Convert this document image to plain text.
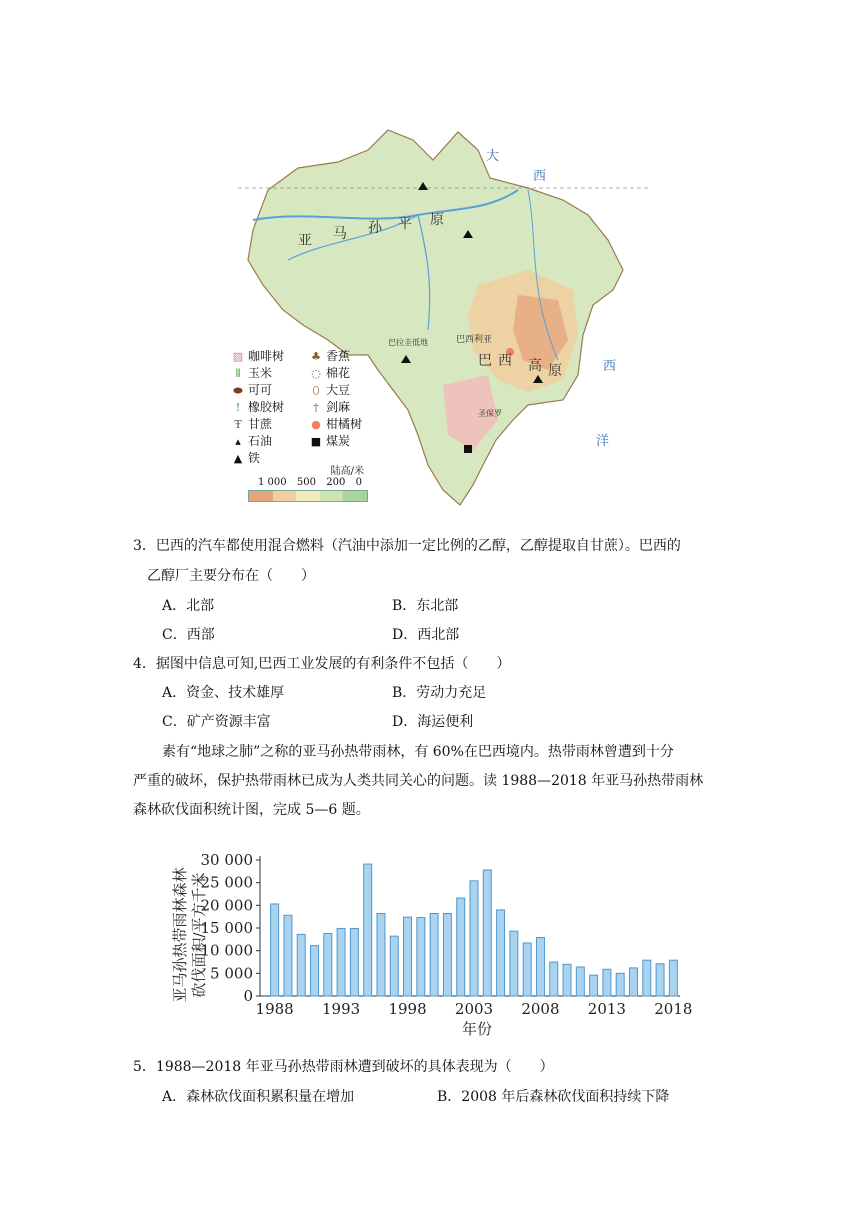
大
西
西
洋
亚 马 孙 平 原
巴西利亚
巴 西 高 原
巴拉圭低地
圣保罗
▨ 咖啡树 ♣ 香蕉
⦀ 玉米	◌ 棉花
⬬ 可可	⬯ 大豆
! 橡胶树	† 剑麻
Ŧ 甘蔗	● 柑橘树
▴ 石油	■ 煤炭
▲ 铁
陆高/米
1 000 500 200 0
3．巴西的汽车都使用混合燃料（汽油中添加一定比例的乙醇，乙醇提取自甘蔗）。巴西的
乙醇厂主要分布在（　　）
A．北部	B．东北部
C．西部	D．西北部
4．据图中信息可知,巴西工业发展的有利条件不包括（　　）
A．资金、技术雄厚	B．劳动力充足
C．矿产资源丰富	D．海运便利
素有“地球之肺”之称的亚马孙热带雨林，有 60%在巴西境内。热带雨林曾遭到十分
严重的破坏，保护热带雨林已成为人类共同关心的问题。读 1988—2018 年亚马孙热带雨林
森林砍伐面积统计图，完成 5—6 题。
亚马孙热带雨林森林 砍伐面积/平方千米
年份
30 000
25 000
20 000
15 000
10 000
5 000
0
1988 1993 1998 2003 2008 2013 2018
5．1988—2018 年亚马孙热带雨林遭到破坏的具体表现为（　　）
A．森林砍伐面积累积量在增加	B．2008 年后森林砍伐面积持续下降
